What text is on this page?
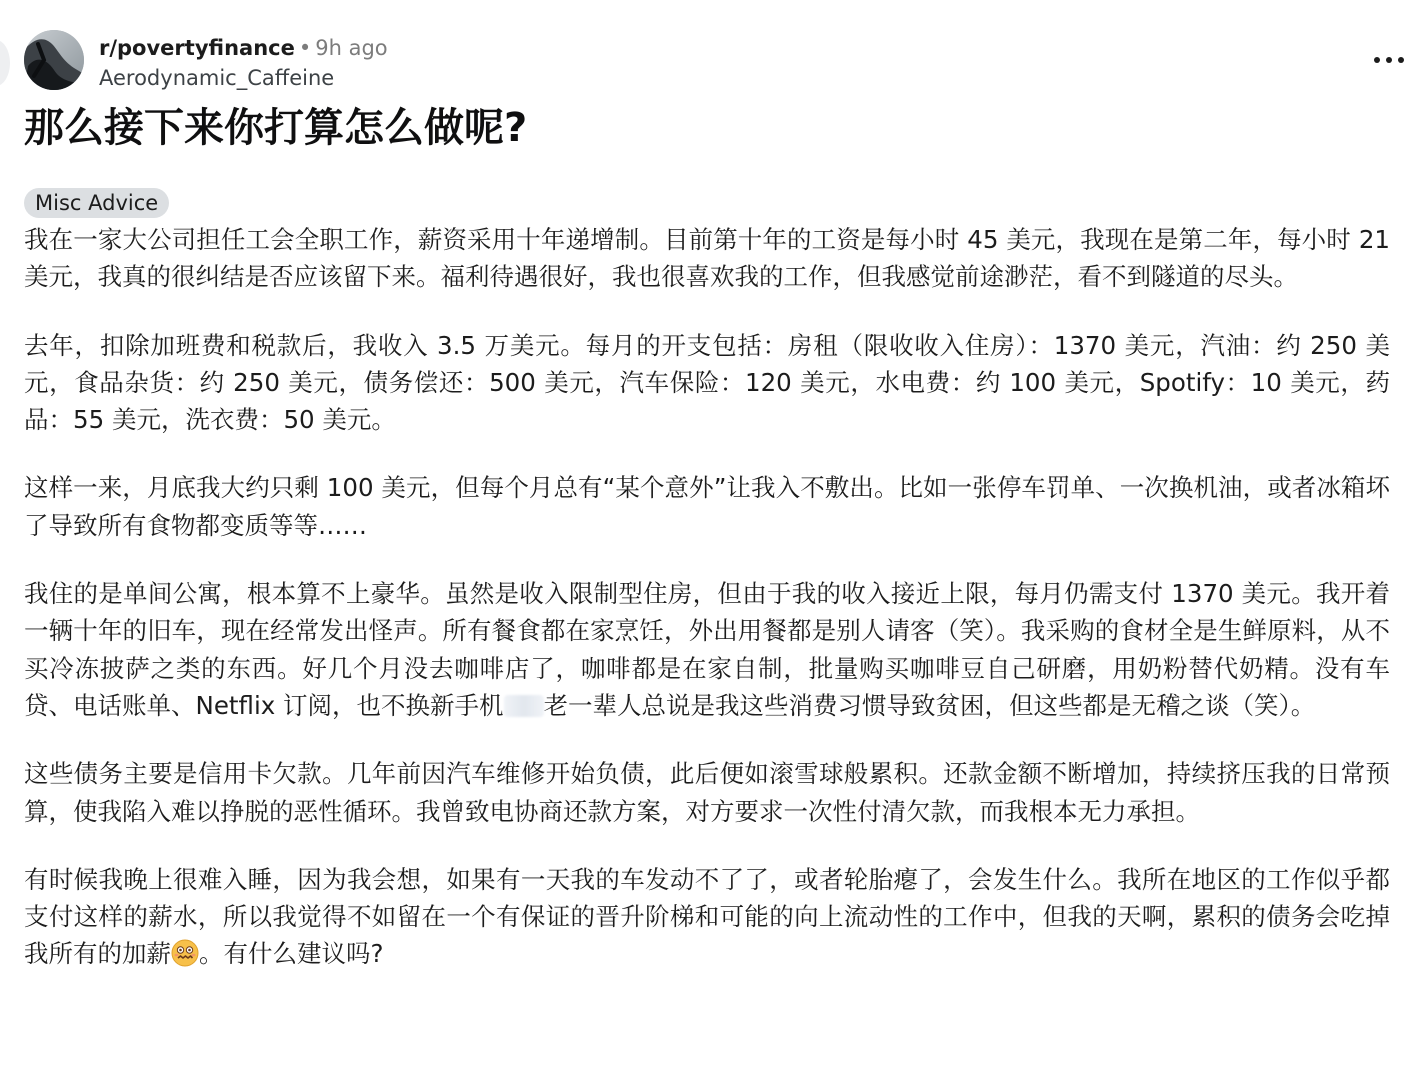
r/povertyfinance • 9h ago
Aerodynamic_Caffeine
那么接下来你打算怎么做呢?
Misc Advice

我在一家大公司担任工会全职工作，薪资采用十年递增制。目前第十年的工资是每小时 45 美元，我现在是第二年，每小时 21 美元，我真的很纠结是否应该留下来。福利待遇很好，我也很喜欢我的工作，但我感觉前途渺茫，看不到隧道的尽头。

去年，扣除加班费和税款后，我收入 3.5 万美元。每月的开支包括：房租（限收收入住房）：1370 美元，汽油：约 250 美元，食品杂货：约 250 美元，债务偿还：500 美元，汽车保险：120 美元，水电费：约 100 美元，Spotify：10 美元，药品：55 美元，洗衣费：50 美元。

这样一来，月底我大约只剩 100 美元，但每个月总有“某个意外”让我入不敷出。比如一张停车罚单、一次换机油，或者冰箱坏了导致所有食物都变质等等……

我住的是单间公寓，根本算不上豪华。虽然是收入限制型住房，但由于我的收入接近上限，每月仍需支付 1370 美元。我开着一辆十年的旧车，现在经常发出怪声。所有餐食都在家烹饪，外出用餐都是别人请客（笑）。我采购的食材全是生鲜原料，从不买冷冻披萨之类的东西。好几个月没去咖啡店了，咖啡都是在家自制，批量购买咖啡豆自己研磨，用奶粉替代奶精。没有车贷、电话账单、Netflix 订阅，也不换新手机 老一辈人总说是我这些消费习惯导致贫困，但这些都是无稽之谈（笑）。

这些债务主要是信用卡欠款。几年前因汽车维修开始负债，此后便如滚雪球般累积。还款金额不断增加，持续挤压我的日常预算，使我陷入难以挣脱的恶性循环。我曾致电协商还款方案，对方要求一次性付清欠款，而我根本无力承担。

有时候我晚上很难入睡，因为我会想，如果有一天我的车发动不了了，或者轮胎瘪了，会发生什么。我所在地区的工作似乎都支付这样的薪水，所以我觉得不如留在一个有保证的晋升阶梯和可能的向上流动性的工作中，但我的天啊，累积的债务会吃掉我所有的加薪 。有什么建议吗?
